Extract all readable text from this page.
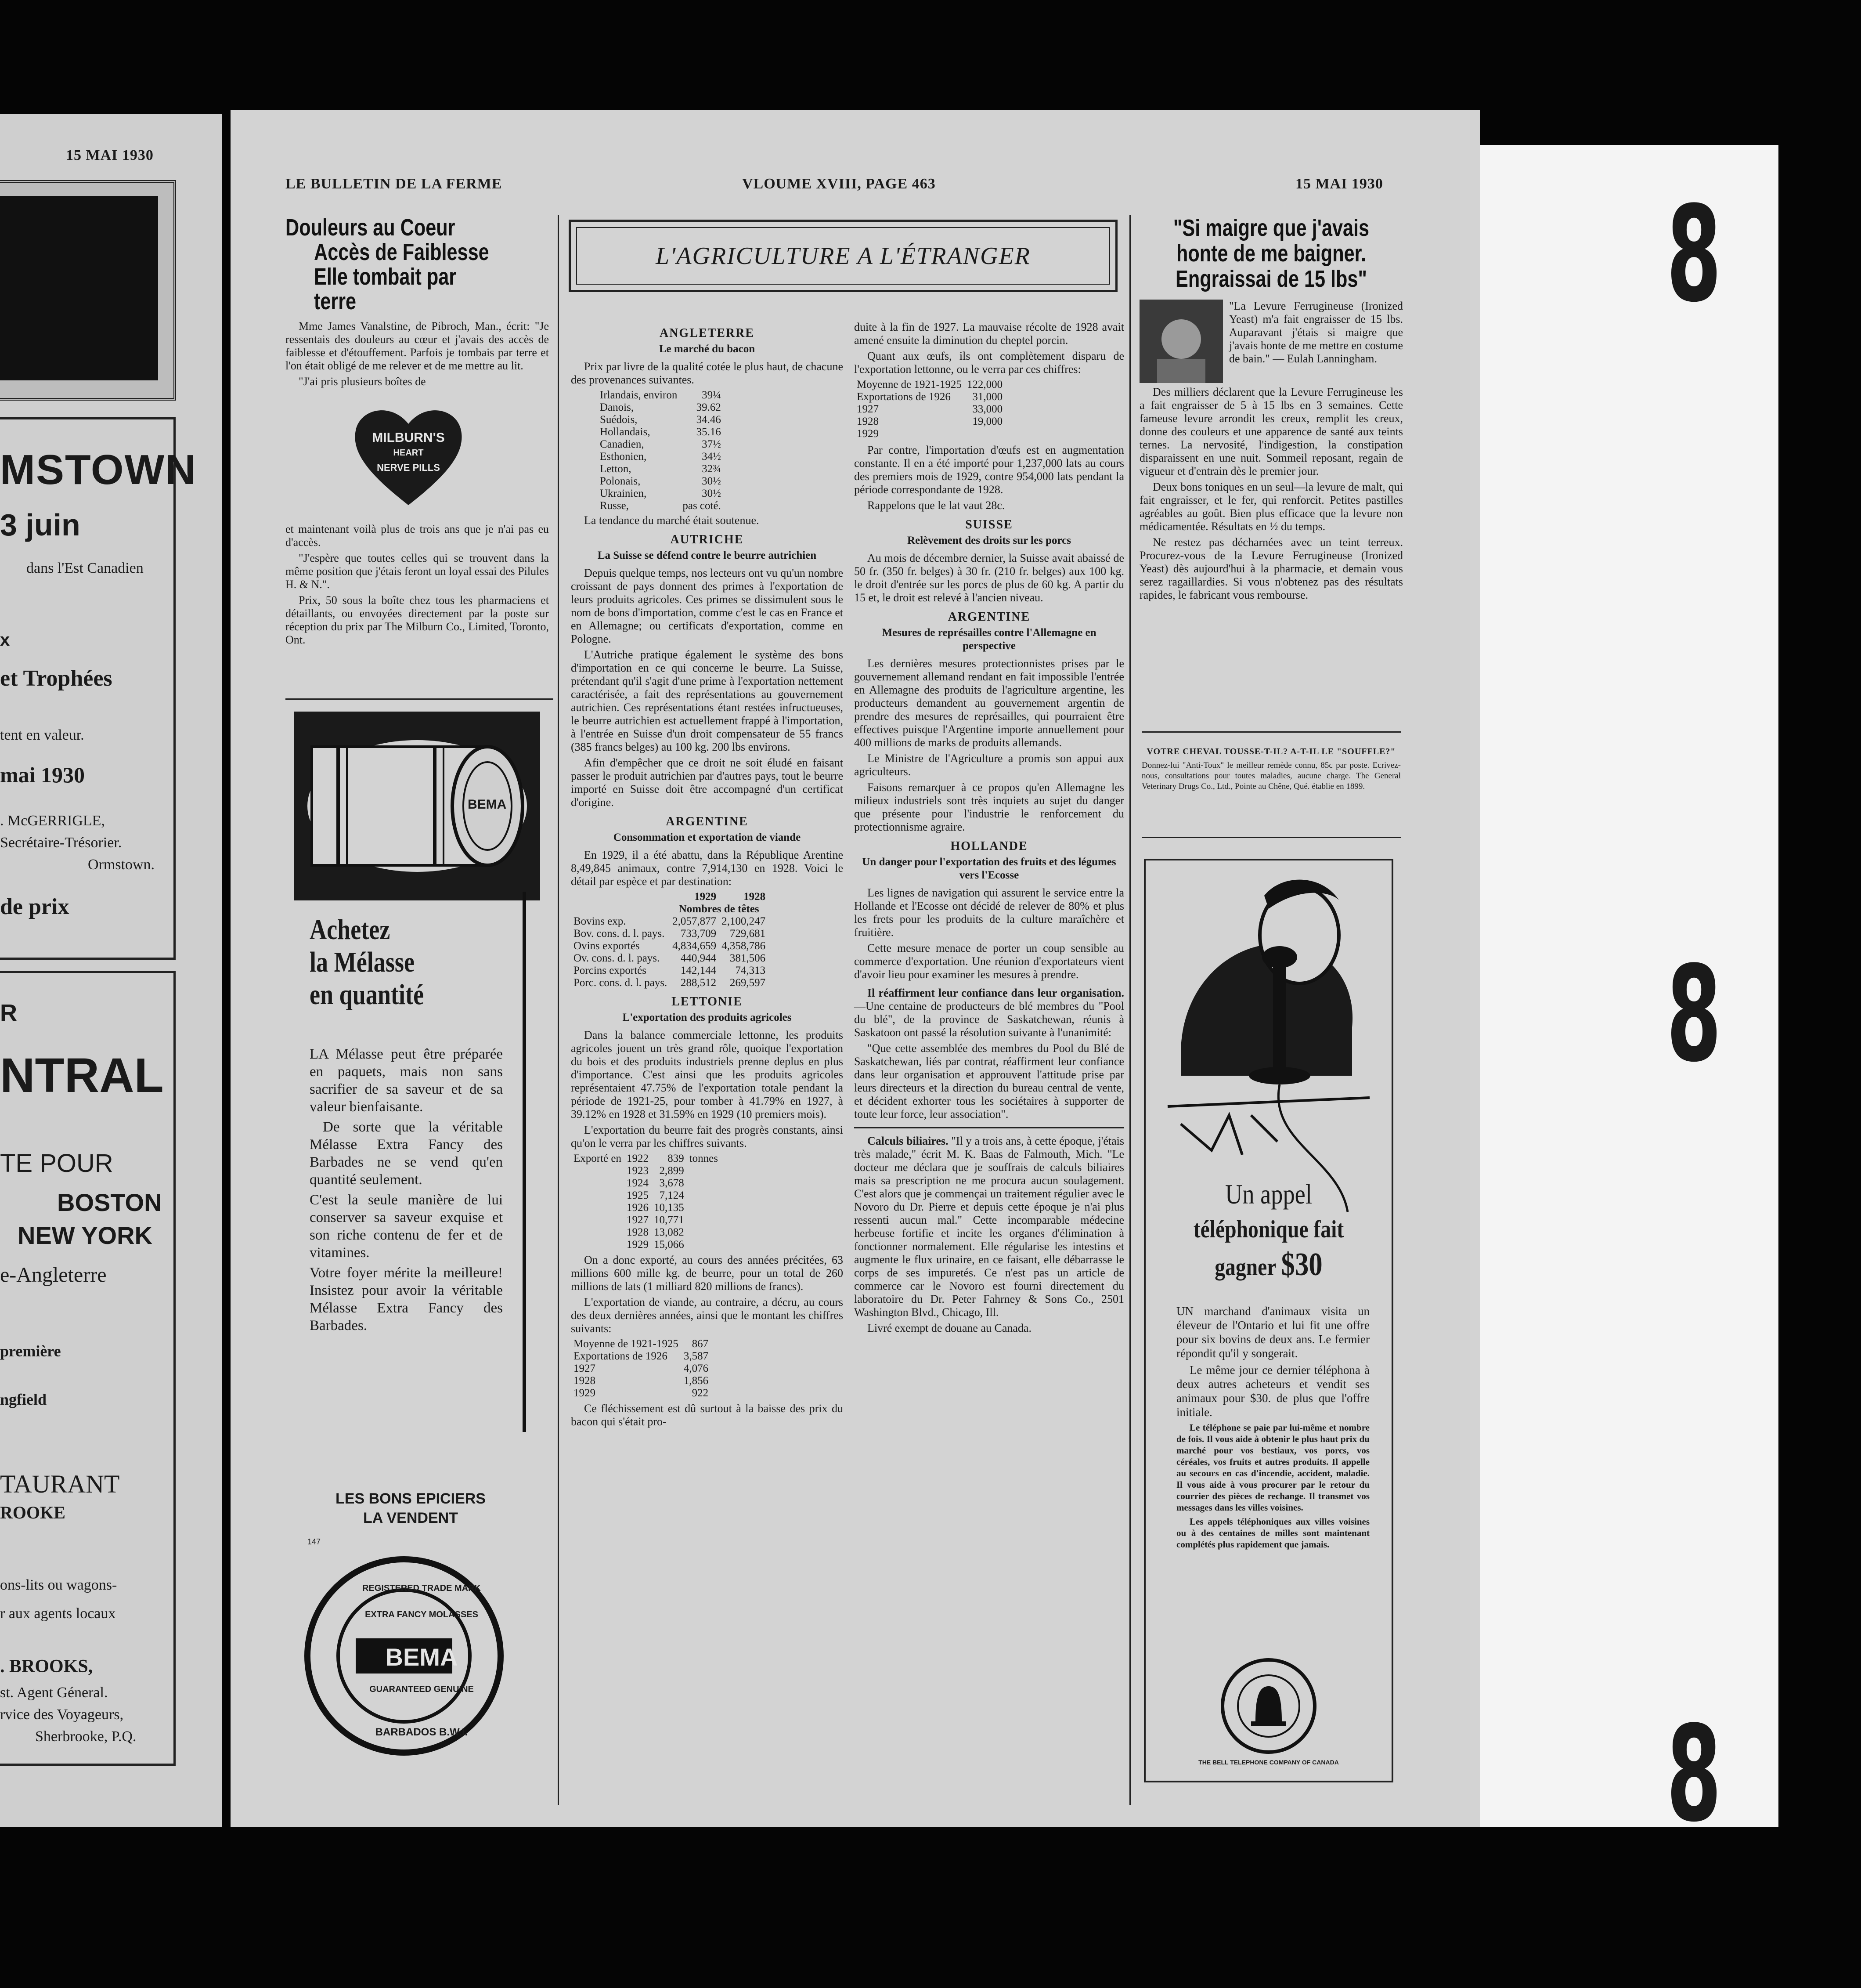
8
8
8
15 MAI 1930
MSTOWN
3 juin
dans l'Est Canadien
x
et Trophées
tent en valeur.
mai 1930
. McGERRIGLE,
Secrétaire-Trésorier.
Ormstown.
de prix
R
NTRAL
TE POUR
BOSTON
NEW YORK
e-Angleterre
première
ngfield
TAURANT
ROOKE
ons-lits ou wagons-
r aux agents locaux
. BROOKS,
st. Agent Géneral.
rvice des Voyageurs,
Sherbrooke, P.Q.
LE BULLETIN DE LA FERME	VLOUME XVIII, PAGE 463	15 MAI 1930
Douleurs au Coeur
Accès de Faiblesse
Elle tombait par terre

Mme James Vanalstine, de Pibroch, Man., écrit: "Je ressentais des douleurs au cœur et j'avais des accès de faiblesse et d'étouffement. Parfois je tombais par terre et l'on était obligé de me relever et de me mettre au lit.

"J'ai pris plusieurs boîtes de

MILBURN'S
HEART
NERVE PILLS

et maintenant voilà plus de trois ans que je n'ai pas eu d'accès.

"J'espère que toutes celles qui se trouvent dans la même position que j'étais feront un loyal essai des Pilules H. & N.".

Prix, 50 sous la boîte chez tous les pharmaciens et détaillants, ou envoyées directement par la poste sur réception du prix par The Milburn Co., Limited, Toronto, Ont.

BEMA
Achetez
la Mélasse
en quantité

LA Mélasse peut être préparée en paquets, mais non sans sacrifier de sa saveur et de sa valeur bienfaisante.

De sorte que la véritable Mélasse Extra Fancy des Barbades ne se vend qu'en quantité seulement.

C'est la seule manière de lui conserver sa saveur exquise et son riche contenu de fer et de vitamines.

Votre foyer mérite la meilleure! Insistez pour avoir la véritable Mélasse Extra Fancy des Barbades.

LES BONS EPICIERS
LA VENDENT
147
REGISTERED TRADE MARK
EXTRA FANCY MOLASSES
BEMA
GUARANTEED GENUINE
BARBADOS B.W.I.
L'AGRICULTURE A L'ÉTRANGER
ANGLETERRE
Le marché du bacon

Prix par livre de la qualité cotée le plus haut, de chacune des provenances suivantes.

Irlandais, environ	39¼
Danois,	39.62
Suédois,	34.46
Hollandais,	35.16
Canadien,	37½
Esthonien,	34½
Letton,	32¾
Polonais,	30½
Ukrainien,	30½
Russe,	pas coté.

La tendance du marché était soutenue.

AUTRICHE
La Suisse se défend contre le beurre autrichien

Depuis quelque temps, nos lecteurs ont vu qu'un nombre croissant de pays donnent des primes à l'exportation de leurs produits agricoles. Ces primes se dissimulent sous le nom de bons d'importation, comme c'est le cas en France et en Allemagne; ou certificats d'exportation, comme en Pologne.

L'Autriche pratique également le système des bons d'importation en ce qui concerne le beurre. La Suisse, prétendant qu'il s'agit d'une prime à l'exportation nettement caractérisée, a fait des représentations au gouvernement autrichien. Ces représentations étant restées infructueuses, le beurre autrichien est actuellement frappé à l'importation, à l'entrée en Suisse d'un droit compensateur de 55 francs (385 francs belges) au 100 kg. 200 lbs environs.

Afin d'empêcher que ce droit ne soit éludé en faisant passer le produit autrichien par d'autres pays, tout le beurre importé en Suisse doit être accompagné d'un certificat d'origine.

ARGENTINE
Consommation et exportation de viande

En 1929, il a été abattu, dans la République Arentine 8,49,845 animaux, contre 7,914,130 en 1928. Voici le détail par espèce et par destination:

	1929	1928
	Nombres de têtes	
Bovins exp.	2,057,877	2,100,247
Bov. cons. d. l. pays.	733,709	729,681
Ovins exportés	4,834,659	4,358,786
Ov. cons. d. l. pays.	440,944	381,506
Porcins exportés	142,144	74,313
Porc. cons. d. l. pays.	288,512	269,597
LETTONIE
L'exportation des produits agricoles

Dans la balance commerciale lettonne, les produits agricoles jouent un très grand rôle, quoique l'exportation du bois et des produits industriels prenne deplus en plus d'importance. C'est ainsi que les produits agricoles représentaient 47.75% de l'exportation totale pendant la période de 1921-25, pour tomber à 41.79% en 1927, à 39.12% en 1928 et 31.59% en 1929 (10 premiers mois).

L'exportation du beurre fait des progrès constants, ainsi qu'on le verra par les chiffres suivants.

Exporté en	1922	839	tonnes
	1923	2,899	
	1924	3,678	
	1925	7,124	
	1926	10,135	
	1927	10,771	
	1928	13,082	
	1929	15,066	

On a donc exporté, au cours des années précitées, 63 millions 600 mille kg. de beurre, pour un total de 260 millions de lats (1 milliard 820 millions de francs).

L'exportation de viande, au contraire, a décru, au cours des deux dernières années, ainsi que le montant les chiffres suivants:

Moyenne de 1921-1925	867
Exportations de 1926	3,587
1927	4,076
1928	1,856
1929	922

Ce fléchissement est dû surtout à la baisse des prix du bacon qui s'était pro-

duite à la fin de 1927. La mauvaise récolte de 1928 avait amené ensuite la diminution du cheptel porcin.

Quant aux œufs, ils ont complètement disparu de l'exportation lettonne, ou le verra par ces chiffres:

Moyenne de 1921-1925	122,000
Exportations de 1926	31,000
1927	33,000
1928	19,000
1929	

Par contre, l'importation d'œufs est en augmentation constante. Il en a été importé pour 1,237,000 lats au cours des premiers mois de 1929, contre 954,000 lats pendant la période correspondante de 1928.

Rappelons que le lat vaut 28c.

SUISSE
Relèvement des droits sur les porcs

Au mois de décembre dernier, la Suisse avait abaissé de 50 fr. (350 fr. belges) à 30 fr. (210 fr. belges) aux 100 kg. le droit d'entrée sur les porcs de plus de 60 kg. A partir du 15 et, le droit est relevé à l'ancien niveau.

ARGENTINE
Mesures de représailles contre l'Allemagne en perspective

Les dernières mesures protectionnistes prises par le gouvernement allemand rendant en fait impossible l'entrée en Allemagne des produits de l'agriculture argentine, les producteurs demandent au gouvernement argentin de prendre des mesures de représailles, qui pourraient être effectives puisque l'Argentine importe annuellement pour 400 millions de marks de produits allemands.

Le Ministre de l'Agriculture a promis son appui aux agriculteurs.

Faisons remarquer à ce propos qu'en Allemagne les milieux industriels sont très inquiets au sujet du danger que présente pour l'industrie le renforcement du protectionnisme agraire.

HOLLANDE
Un danger pour l'exportation des fruits et des légumes vers l'Ecosse

Les lignes de navigation qui assurent le service entre la Hollande et l'Ecosse ont décidé de relever de 80% et plus les frets pour les produits de la culture maraîchère et fruitière.

Cette mesure menace de porter un coup sensible au commerce d'exportation. Une réunion d'exportateurs vient d'avoir lieu pour examiner les mesures à prendre.

Il réaffirment leur confiance dans leur organisation.—Une centaine de producteurs de blé membres du "Pool du blé", de la province de Saskatchewan, réunis à Saskatoon ont passé la résolution suivante à l'unanimité:

"Que cette assemblée des membres du Pool du Blé de Saskatchewan, liés par contrat, réaffirment leur confiance dans leur organisation et approuvent l'attitude prise par leurs directeurs et la direction du bureau central de vente, et décident exhorter tous les sociétaires à supporter de toute leur force, leur association".

Calculs biliaires. "Il y a trois ans, à cette époque, j'étais très malade," écrit M. K. Baas de Falmouth, Mich. "Le docteur me déclara que je souffrais de calculs biliaires mais sa prescription ne me procura aucun soulagement. C'est alors que je commençai un traitement régulier avec le Novoro du Dr. Pierre et depuis cette époque je n'ai plus ressenti aucun mal." Cette incomparable médecine herbeuse fortifie et incite les organes d'élimination à fonctionner normalement. Elle régularise les intestins et augmente le flux urinaire, en ce faisant, elle débarrasse le corps de ses impuretés. Ce n'est pas un article de commerce car le Novoro est fourni directement du laboratoire du Dr. Peter Fahrney & Sons Co., 2501 Washington Blvd., Chicago, Ill.

Livré exempt de douane au Canada.

"Si maigre que j'avais
honte de me baigner.
Engraissai de 15 lbs"

"La Levure Ferrugineuse (Ironized Yeast) m'a fait engraisser de 15 lbs. Auparavant j'étais si maigre que j'avais honte de me mettre en costume de bain." — Eulah Lanningham.

Des milliers déclarent que la Levure Ferrugineuse les a fait engraisser de 5 à 15 lbs en 3 semaines. Cette fameuse levure arrondit les creux, remplit les creux, donne des couleurs et une apparence de santé aux teints ternes. La nervosité, l'indigestion, la constipation disparaissent en une nuit. Sommeil reposant, regain de vigueur et d'entrain dès le premier jour.

Deux bons toniques en un seul—la levure de malt, qui fait engraisser, et le fer, qui renforcit. Petites pastilles agréables au goût. Bien plus efficace que la levure non médicamentée. Résultats en ½ du temps.

Ne restez pas décharnées avec un teint terreux. Procurez-vous de la Levure Ferrugineuse (Ironized Yeast) dès aujourd'hui à la pharmacie, et demain vous serez ragaillardies. Si vous n'obtenez pas des résultats rapides, le fabricant vous rembourse.

VOTRE CHEVAL TOUSSE-T-IL? A-T-IL LE "SOUFFLE?"
Donnez-lui "Anti-Toux" le meilleur remède connu, 85c par poste. Ecrivez-nous, consultations pour toutes maladies, aucune charge. The General Veterinary Drugs Co., Ltd., Pointe au Chêne, Qué. établie en 1899.
Un appel
téléphonique fait
gagner $30

UN marchand d'animaux visita un éleveur de l'Ontario et lui fit une offre pour six bovins de deux ans. Le fermier répondit qu'il y songerait.

Le même jour ce dernier téléphona à deux autres acheteurs et vendit ses animaux pour $30. de plus que l'offre initiale.

Le téléphone se paie par lui-même et nombre de fois. Il vous aide à obtenir le plus haut prix du marché pour vos bestiaux, vos porcs, vos céréales, vos fruits et autres produits. Il appelle au secours en cas d'incendie, accident, maladie. Il vous aide à vous procurer par le retour du courrier des pièces de rechange. Il transmet vos messages dans les villes voisines.

Les appels téléphoniques aux villes voisines ou à des centaines de milles sont maintenant complétés plus rapidement que jamais.

THE BELL TELEPHONE COMPANY OF CANADA
